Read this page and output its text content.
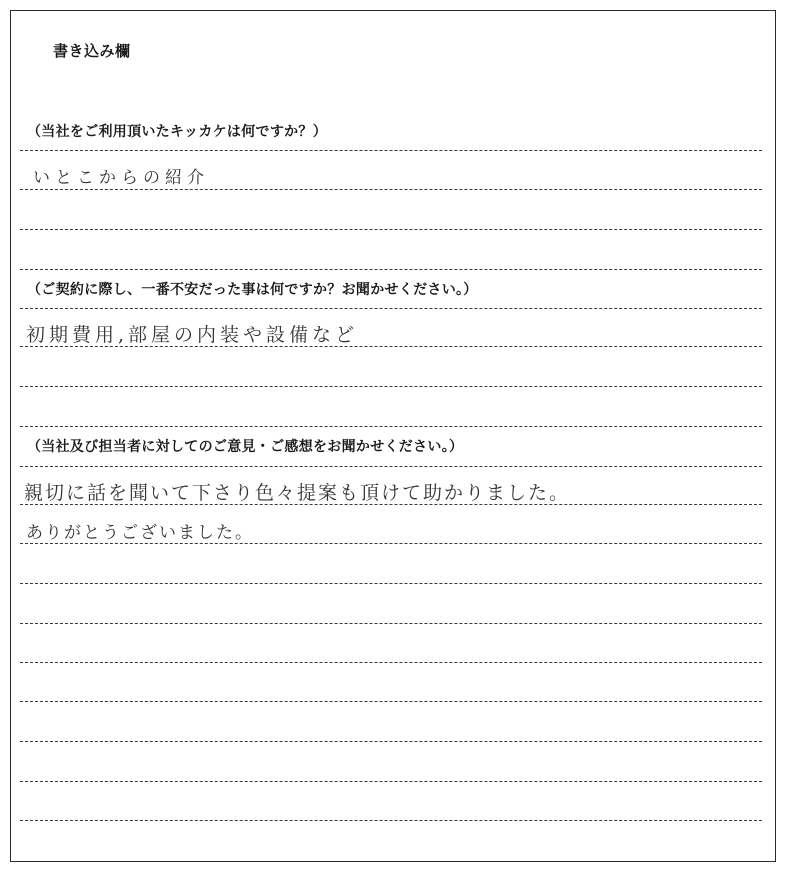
書き込み欄
（当社をご利用頂いたキッカケは何ですか？）
いとこからの紹介
（ご契約に際し、一番不安だった事は何ですか？お聞かせください。）
初期費用,部屋の内装や設備など
（当社及び担当者に対してのご意見・ご感想をお聞かせください。）
親切に話を聞いて下さり色々提案も頂けて助かりました。
ありがとうございました。
